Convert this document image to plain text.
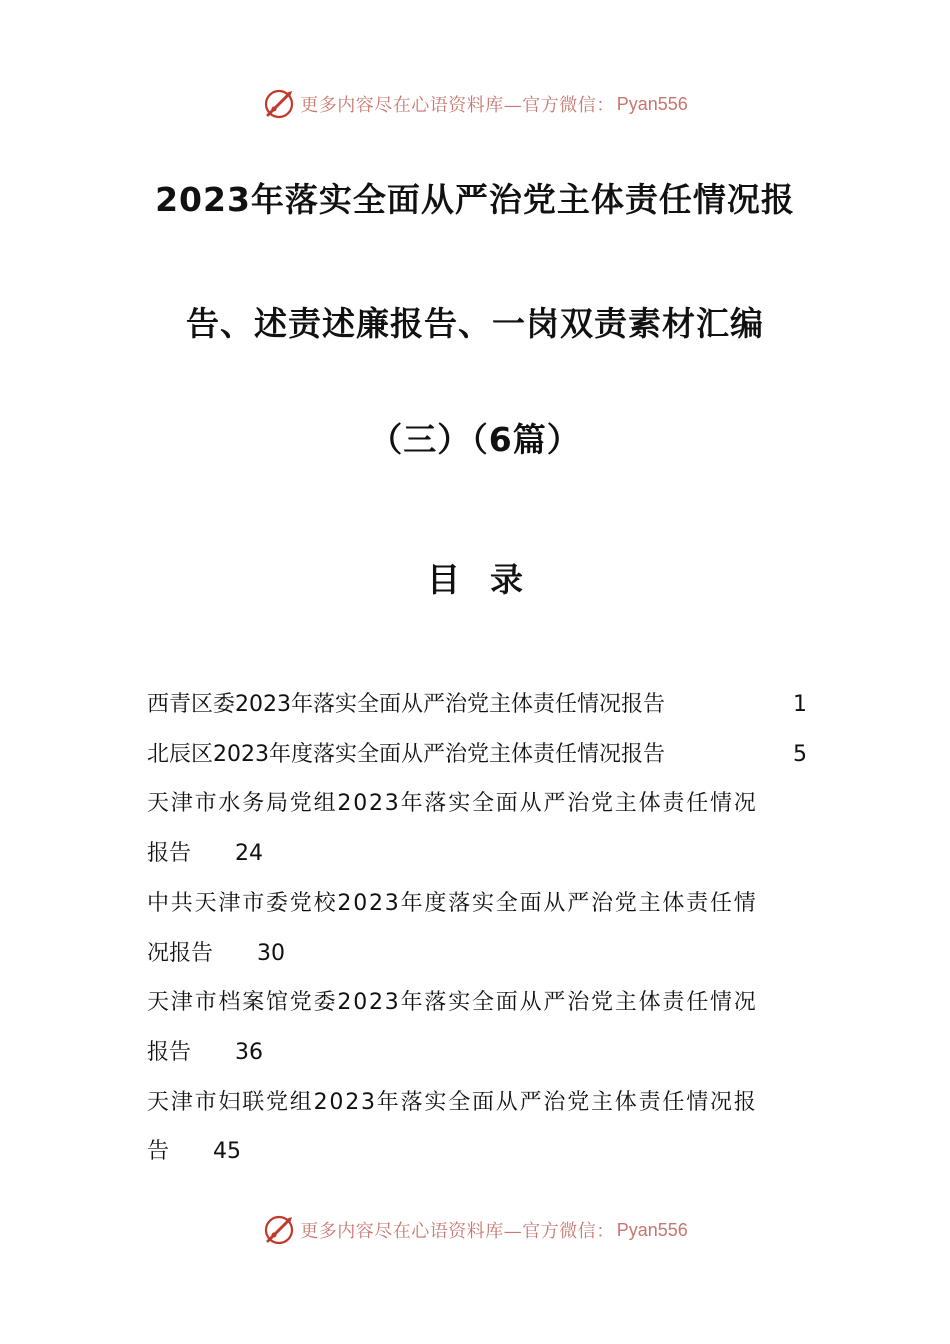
更多内容尽在心语资料库—官方微信： Pyan556
2023年落实全面从严治党主体责任情况报
告、述责述廉报告、一岗双责素材汇编
（三）（6篇）
目录
西青区委2023年落实全面从严治党主体责任情况报告	1
北辰区2023年度落实全面从严治党主体责任情况报告	5
天津市水务局党组2023年落实全面从严治党主体责任情况
报告 24
中共天津市委党校2023年度落实全面从严治党主体责任情
况报告 30
天津市档案馆党委2023年落实全面从严治党主体责任情况
报告 36
天津市妇联党组2023年落实全面从严治党主体责任情况报
告 45
更多内容尽在心语资料库—官方微信： Pyan556
